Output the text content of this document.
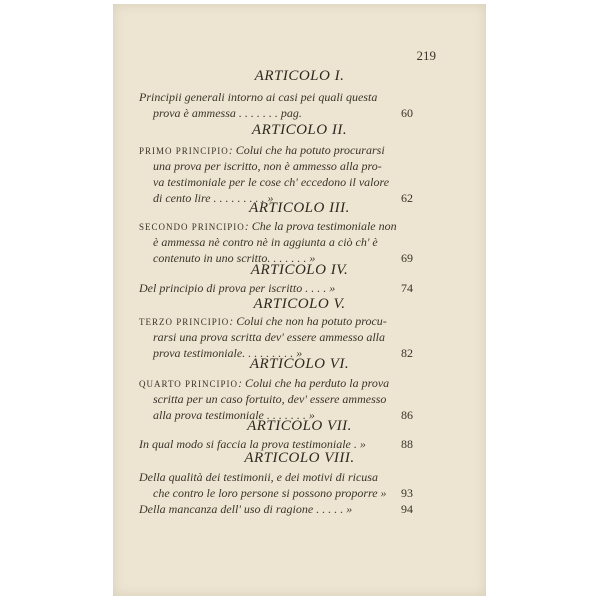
219
ARTICOLO I.
Principii generali intorno ai casi pei quali questa
prova è ammessa . . . . . . . pag.	60
ARTICOLO II.
PRIMO PRINCIPIO: Colui che ha potuto procurarsi
una prova per iscritto, non è ammesso alla pro-
va testimoniale per le cose ch' eccedono il valore
di cento lire . . . . . . . . . »	62
ARTICOLO III.
SECONDO PRINCIPIO: Che la prova testimoniale non
è ammessa nè contro nè in aggiunta a ciò ch' è
contenuto in uno scritto. . . . . . . »	69
ARTICOLO IV.
Del principio di prova per iscritto . . . . »	74
ARTICOLO V.
TERZO PRINCIPIO: Colui che non ha potuto procu-
rarsi una prova scritta dev' essere ammesso alla
prova testimoniale. . . . . . . . . »	82
ARTICOLO VI.
QUARTO PRINCIPIO: Colui che ha perduto la prova
scritta per un caso fortuito, dev' essere ammesso
alla prova testimoniale . . . . . . . »	86
ARTICOLO VII.
In qual modo si faccia la prova testimoniale . »	88
ARTICOLO VIII.
Della qualità dei testimonii, e dei motivi di ricusa
che contro le loro persone si possono proporre »	93
Della mancanza dell' uso di ragione . . . . . »	94
